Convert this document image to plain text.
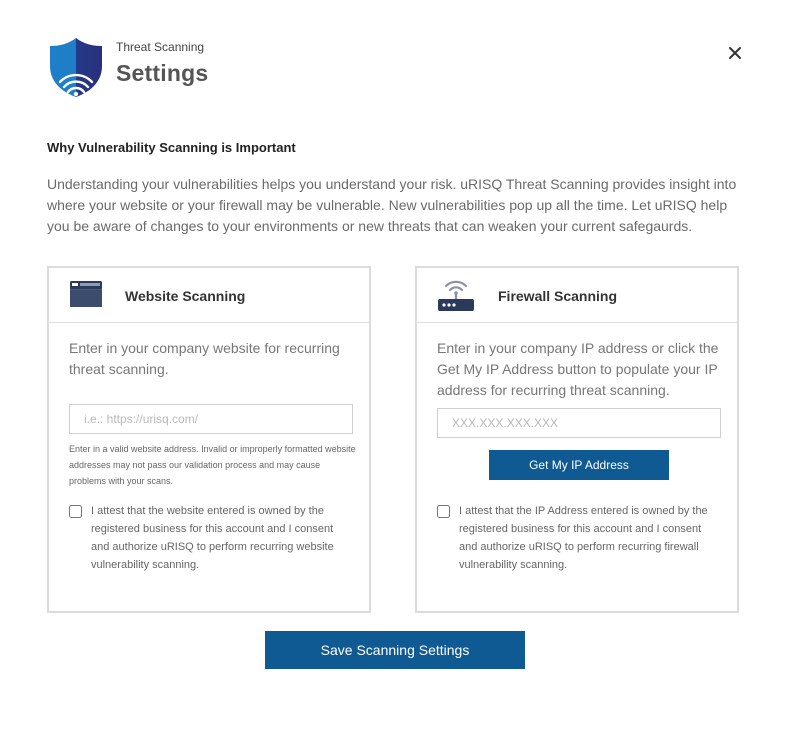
Threat Scanning
Settings
Why Vulnerability Scanning is Important
Understanding your vulnerabilities helps you understand your risk. uRISQ Threat Scanning provides insight into where your website or your firewall may be vulnerable. New vulnerabilities pop up all the time. Let uRISQ help you be aware of changes to your environments or new threats that can weaken your current safegaurds.
Website Scanning
Enter in your company website for recurring threat scanning.
i.e.: https://urisq.com/
Enter in a valid website address. Invalid or improperly formatted website addresses may not pass our validation process and may cause problems with your scans.
I attest that the website entered is owned by the registered business for this account and I consent and authorize uRISQ to perform recurring website vulnerability scanning.
Firewall Scanning
Enter in your company IP address or click the Get My IP Address button to populate your IP address for recurring threat scanning.
XXX.XXX.XXX.XXX
Get My IP Address
I attest that the IP Address entered is owned by the registered business for this account and I consent and authorize uRISQ to perform recurring firewall vulnerability scanning.
Save Scanning Settings
